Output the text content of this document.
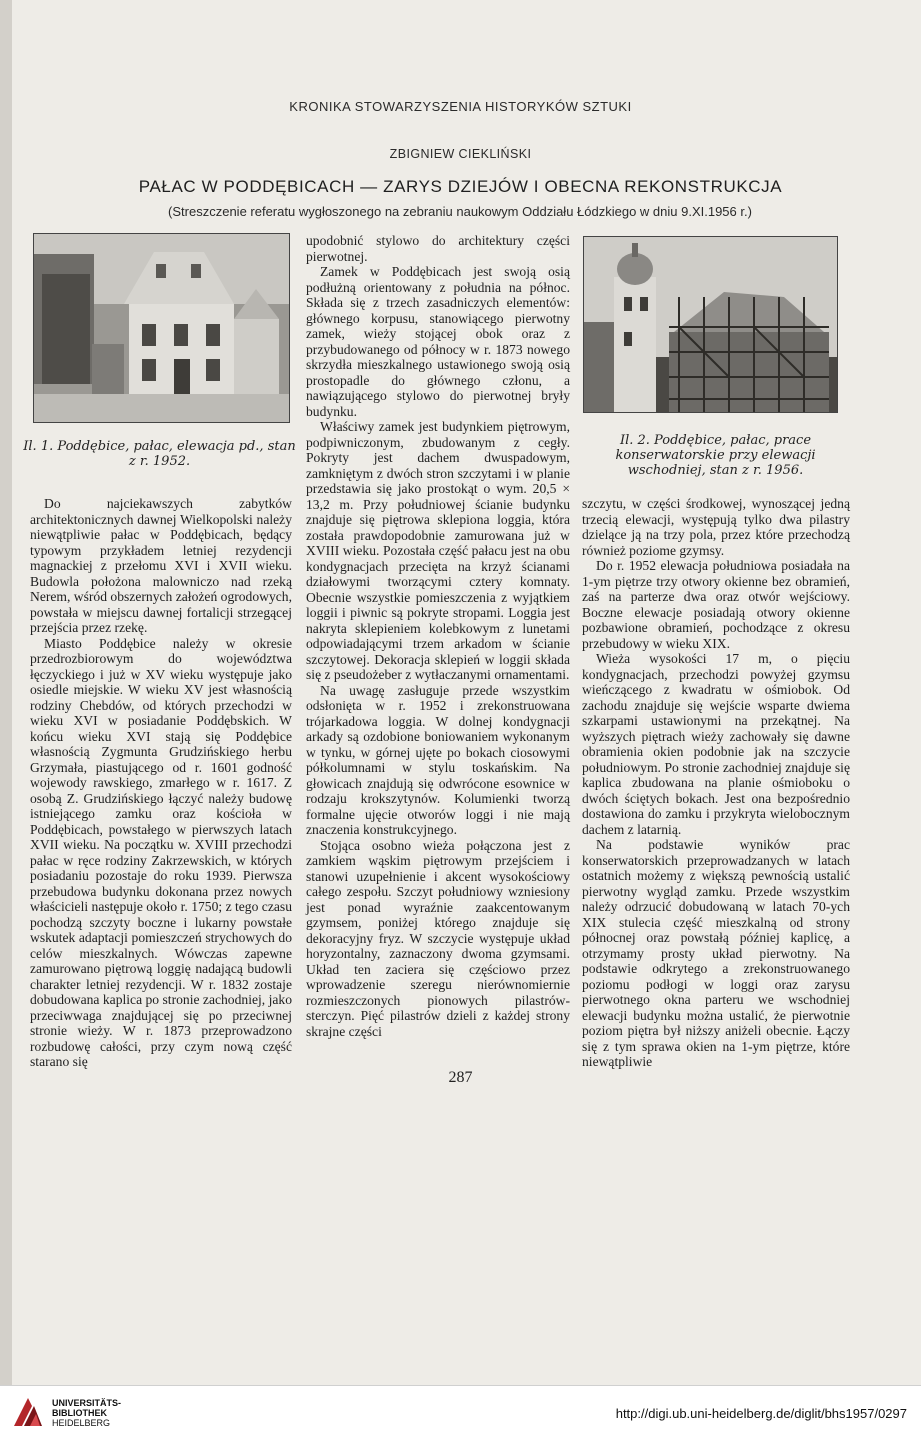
KRONIKA STOWARZYSZENIA HISTORYKÓW SZTUKI
ZBIGNIEW CIEKLIŃSKI
PAŁAC W PODDĘBICACH — ZARYS DZIEJÓW I OBECNA REKONSTRUKCJA
(Streszczenie referatu wygłoszonego na zebraniu naukowym Oddziału Łódzkiego w dniu 9.XI.1956 r.)
Il. 1. Poddębice, pałac, elewacja pd., stan z r. 1952.
Il. 2. Poddębice, pałac, prace konserwatorskie przy elewacji wschodniej, stan z r. 1956.

Do najciekawszych zabytków architektonicznych dawnej Wielkopolski należy niewątpliwie pałac w Poddębicach, będący typowym przykładem letniej rezydencji magnackiej z przełomu XVI i XVII wieku. Budowla położona malowniczo nad rzeką Nerem, wśród obszernych założeń ogrodowych, powstała w miejscu dawnej fortalicji strzegącej przejścia przez rzekę.

Miasto Poddębice należy w okresie przedrozbiorowym do województwa łęczyckiego i już w XV wieku występuje jako osiedle miejskie. W wieku XV jest własnością rodziny Chebdów, od których przechodzi w wieku XVI w posiadanie Poddębskich. W końcu wieku XVI stają się Poddębice własnością Zygmunta Grudzińskiego herbu Grzymała, piastującego od r. 1601 godność wojewody rawskiego, zmarłego w r. 1617. Z osobą Z. Grudzińskiego łączyć należy budowę istniejącego zamku oraz kościoła w Poddębicach, powstałego w pierwszych latach XVII wieku. Na początku w. XVIII przechodzi pałac w ręce rodziny Zakrzewskich, w których posiadaniu pozostaje do roku 1939. Pierwsza przebudowa budynku dokonana przez nowych właścicieli następuje około r. 1750; z tego czasu pochodzą szczyty boczne i lukarny powstałe wskutek adaptacji pomieszczeń strychowych do celów mieszkalnych. Wówczas zapewne zamurowano piętrową loggię nadającą budowli charakter letniej rezydencji. W r. 1832 zostaje dobudowana kaplica po stronie zachodniej, jako przeciwwaga znajdującej się po przeciwnej stronie wieży. W r. 1873 przeprowadzono rozbudowę całości, przy czym nową część starano się

upodobnić stylowo do architektury części pierwotnej.

Zamek w Poddębicach jest swoją osią podłużną orientowany z południa na północ. Składa się z trzech zasadniczych elementów: głównego korpusu, stanowiącego pierwotny zamek, wieży stojącej obok oraz z przybudowanego od północy w r. 1873 nowego skrzydła mieszkalnego ustawionego swoją osią prostopadle do głównego członu, a nawiązującego stylowo do pierwotnej bryły budynku.

Właściwy zamek jest budynkiem piętrowym, podpiwniczonym, zbudowanym z cegły. Pokryty jest dachem dwuspadowym, zamkniętym z dwóch stron szczytami i w planie przedstawia się jako prostokąt o wym. 20,5 × 13,2 m. Przy południowej ścianie budynku znajduje się piętrowa sklepiona loggia, która została prawdopodobnie zamurowana już w XVIII wieku. Pozostała część pałacu jest na obu kondygnacjach przecięta na krzyż ścianami działowymi tworzącymi cztery komnaty. Obecnie wszystkie pomieszczenia z wyjątkiem loggii i piwnic są pokryte stropami. Loggia jest nakryta sklepieniem kolebkowym z lunetami odpowiadającymi trzem arkadom w ścianie szczytowej. Dekoracja sklepień w loggii składa się z pseudożeber z wytłaczanymi ornamentami.

Na uwagę zasługuje przede wszystkim odsłonięta w r. 1952 i zrekonstruowana trójarkadowa loggia. W dolnej kondygnacji arkady są ozdobione boniowaniem wykonanym w tynku, w górnej ujęte po bokach ciosowymi półkolumnami w stylu toskańskim. Na głowicach znajdują się odwrócone esownice w rodzaju krokszytynów. Kolumienki tworzą formalne ujęcie otworów loggi i nie mają znaczenia konstrukcyjnego.

Stojąca osobno wieża połączona jest z zamkiem wąskim piętrowym przejściem i stanowi uzupełnienie i akcent wysokościowy całego zespołu. Szczyt południowy wzniesiony jest ponad wyraźnie zaakcentowanym gzymsem, poniżej którego znajduje się dekoracyjny fryz. W szczycie występuje układ horyzontalny, zaznaczony dwoma gzymsami. Układ ten zaciera się częściowo przez wprowadzenie szeregu nierównomiernie rozmieszczonych pionowych pilastrów-sterczyn. Pięć pilastrów dzieli z każdej strony skrajne części

szczytu, w części środkowej, wynoszącej jedną trzecią elewacji, występują tylko dwa pilastry dzielące ją na trzy pola, przez które przechodzą również poziome gzymsy.

Do r. 1952 elewacja południowa posiadała na 1-ym piętrze trzy otwory okienne bez obramień, zaś na parterze dwa oraz otwór wejściowy. Boczne elewacje posiadają otwory okienne pozbawione obramień, pochodzące z okresu przebudowy w wieku XIX.

Wieża wysokości 17 m, o pięciu kondygnacjach, przechodzi powyżej gzymsu wieńczącego z kwadratu w ośmiobok. Od zachodu znajduje się wejście wsparte dwiema szkarpami ustawionymi na przekątnej. Na wyższych piętrach wieży zachowały się dawne obramienia okien podobnie jak na szczycie południowym. Po stronie zachodniej znajduje się kaplica zbudowana na planie ośmioboku o dwóch ściętych bokach. Jest ona bezpośrednio dostawiona do zamku i przykryta wielobocznym dachem z latarnią.

Na podstawie wyników prac konserwatorskich przeprowadzanych w latach ostatnich możemy z większą pewnością ustalić pierwotny wygląd zamku. Przede wszystkim należy odrzucić dobudowaną w latach 70-ych XIX stulecia część mieszkalną od strony północnej oraz powstałą później kaplicę, a otrzymamy prosty układ pierwotny. Na podstawie odkrytego a zrekonstruowanego poziomu podłogi w loggi oraz zarysu pierwotnego okna parteru we wschodniej elewacji budynku można ustalić, że pierwotnie poziom piętra był niższy aniżeli obecnie. Łączy się z tym sprawa okien na 1-ym piętrze, które niewątpliwie

287
UNIVERSITÄTS-
BIBLIOTHEK
HEIDELBERG
http://digi.ub.uni-heidelberg.de/diglit/bhs1957/0297
